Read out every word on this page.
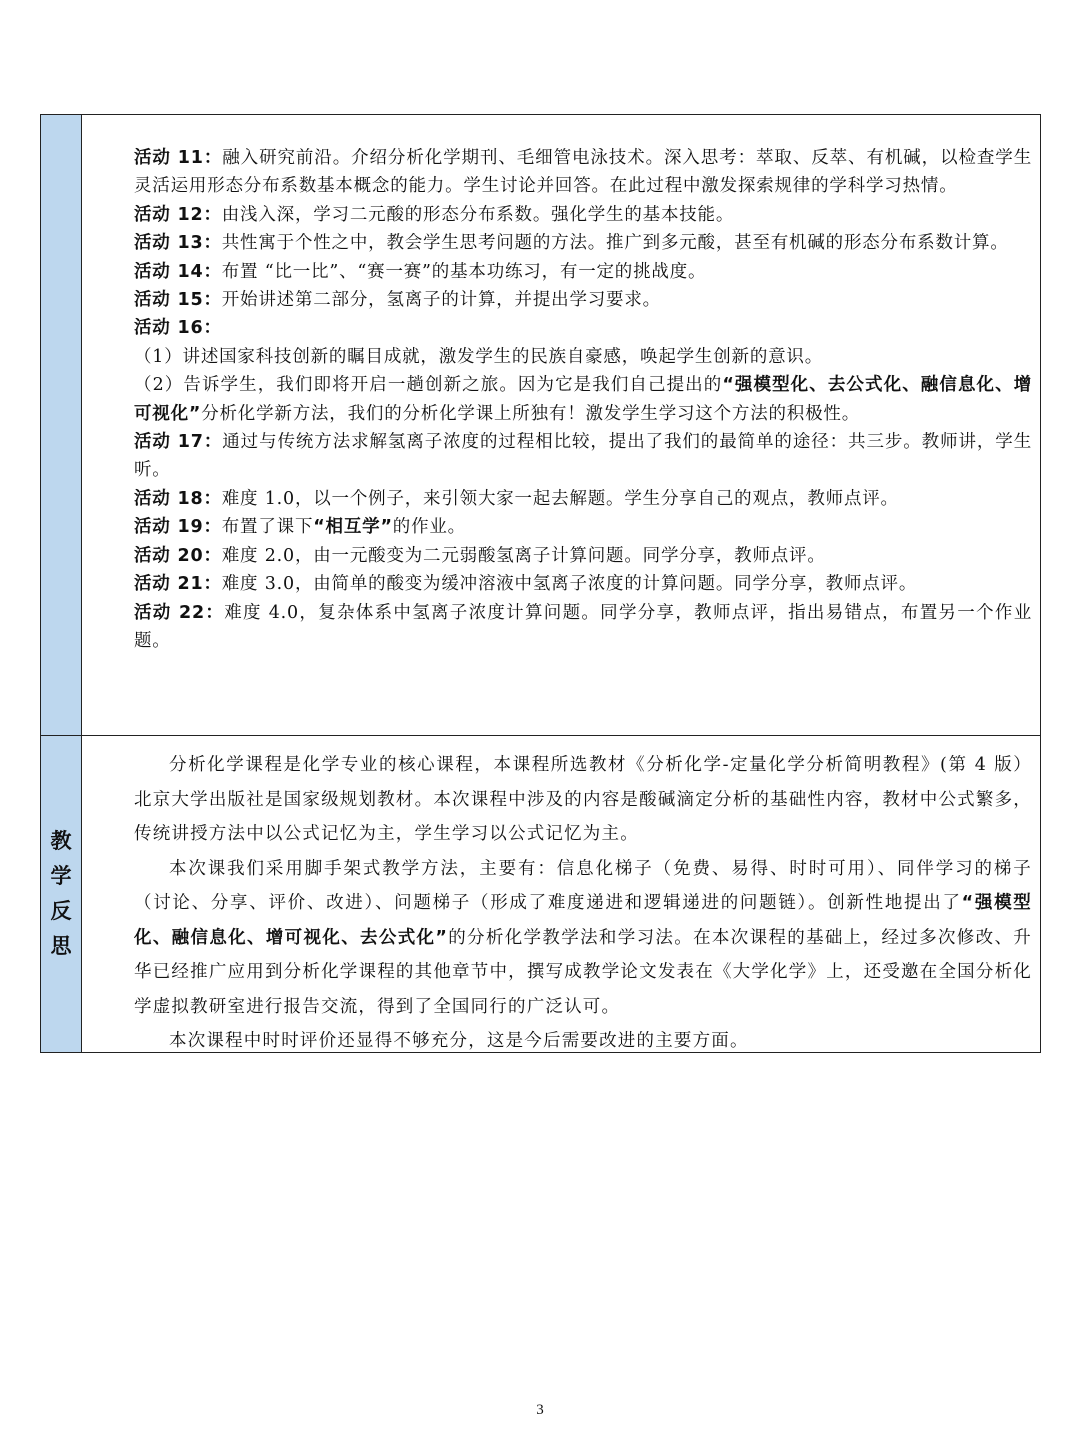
活动 11：融入研究前沿。介绍分析化学期刊、毛细管电泳技术。深入思考：萃取、反萃、有机碱，以检查学生灵活运用形态分布系数基本概念的能力。学生讨论并回答。在此过程中激发探索规律的学科学习热情。

活动 12：由浅入深，学习二元酸的形态分布系数。强化学生的基本技能。

活动 13：共性寓于个性之中，教会学生思考问题的方法。推广到多元酸，甚至有机碱的形态分布系数计算。

活动 14：布置 “比一比”、“赛一赛”的基本功练习，有一定的挑战度。

活动 15：开始讲述第二部分，氢离子的计算，并提出学习要求。

活动 16：

（1）讲述国家科技创新的瞩目成就，激发学生的民族自豪感，唤起学生创新的意识。

（2）告诉学生，我们即将开启一趟创新之旅。因为它是我们自己提出的“强模型化、去公式化、融信息化、增可视化”分析化学新方法，我们的分析化学课上所独有！激发学生学习这个方法的积极性。

活动 17：通过与传统方法求解氢离子浓度的过程相比较，提出了我们的最简单的途径：共三步。教师讲，学生听。

活动 18：难度 1.0，以一个例子，来引领大家一起去解题。学生分享自己的观点，教师点评。

活动 19：布置了课下“相互学”的作业。

活动 20：难度 2.0，由一元酸变为二元弱酸氢离子计算问题。同学分享，教师点评。

活动 21：难度 3.0，由简单的酸变为缓冲溶液中氢离子浓度的计算问题。同学分享，教师点评。

活动 22：难度 4.0，复杂体系中氢离子浓度计算问题。同学分享，教师点评，指出易错点，布置另一个作业题。

教
学
反
思

分析化学课程是化学专业的核心课程，本课程所选教材《分析化学-定量化学分析简明教程》(第 4 版）北京大学出版社是国家级规划教材。本次课程中涉及的内容是酸碱滴定分析的基础性内容，教材中公式繁多，传统讲授方法中以公式记忆为主，学生学习以公式记忆为主。

本次课我们采用脚手架式教学方法，主要有：信息化梯子（免费、易得、时时可用）、同伴学习的梯子（讨论、分享、评价、改进）、问题梯子（形成了难度递进和逻辑递进的问题链）。创新性地提出了“强模型化、融信息化、增可视化、去公式化”的分析化学教学法和学习法。在本次课程的基础上，经过多次修改、升华已经推广应用到分析化学课程的其他章节中，撰写成教学论文发表在《大学化学》上，还受邀在全国分析化学虚拟教研室进行报告交流，得到了全国同行的广泛认可。

本次课程中时时评价还显得不够充分，这是今后需要改进的主要方面。

3
